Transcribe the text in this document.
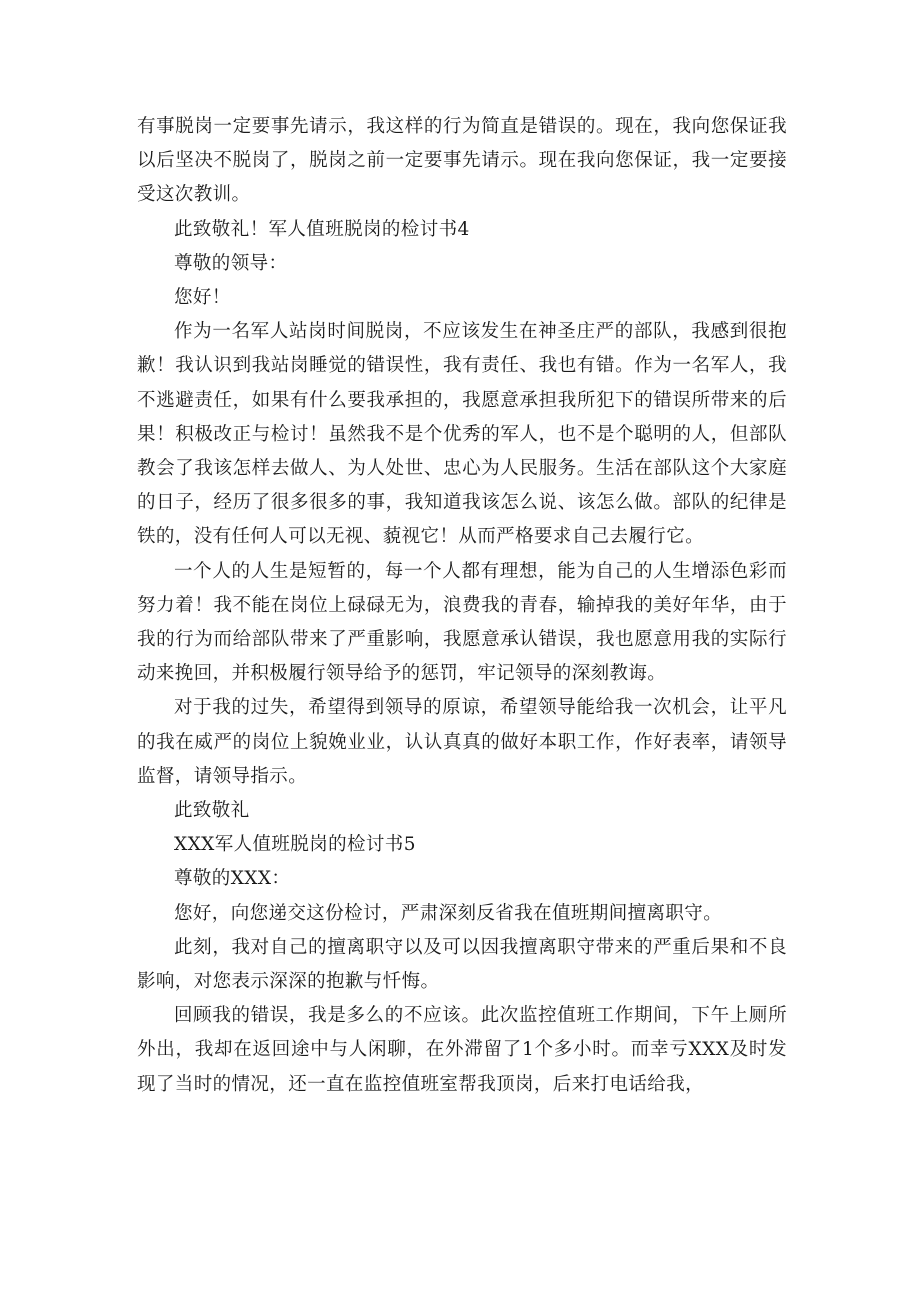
有事脱岗一定要事先请示，我这样的行为简直是错误的。现在，我向您保证我以后坚决不脱岗了，脱岗之前一定要事先请示。现在我向您保证，我一定要接受这次教训。

此致敬礼！军人值班脱岗的检讨书4

尊敬的领导：

您好！

作为一名军人站岗时间脱岗，不应该发生在神圣庄严的部队，我感到很抱歉！我认识到我站岗睡觉的错误性，我有责任、我也有错。作为一名军人，我不逃避责任，如果有什么要我承担的，我愿意承担我所犯下的错误所带来的后果！积极改正与检讨！虽然我不是个优秀的军人，也不是个聪明的人，但部队教会了我该怎样去做人、为人处世、忠心为人民服务。生活在部队这个大家庭的日子，经历了很多很多的事，我知道我该怎么说、该怎么做。部队的纪律是铁的，没有任何人可以无视、藐视它！从而严格要求自己去履行它。

一个人的人生是短暂的，每一个人都有理想，能为自己的人生增添色彩而努力着！我不能在岗位上碌碌无为，浪费我的青春，输掉我的美好年华，由于我的行为而给部队带来了严重影响，我愿意承认错误，我也愿意用我的实际行动来挽回，并积极履行领导给予的惩罚，牢记领导的深刻教诲。

对于我的过失，希望得到领导的原谅，希望领导能给我一次机会，让平凡的我在威严的岗位上貌娩业业，认认真真的做好本职工作，作好表率，请领导监督，请领导指示。

此致敬礼

XXX军人值班脱岗的检讨书5

尊敬的XXX：

您好，向您递交这份检讨，严肃深刻反省我在值班期间擅离职守。

此刻，我对自己的擅离职守以及可以因我擅离职守带来的严重后果和不良影响，对您表示深深的抱歉与忏悔。

回顾我的错误，我是多么的不应该。此次监控值班工作期间，下午上厕所外出，我却在返回途中与人闲聊，在外滞留了1个多小时。而幸亏XXX及时发现了当时的情况，还一直在监控值班室帮我顶岗，后来打电话给我，
